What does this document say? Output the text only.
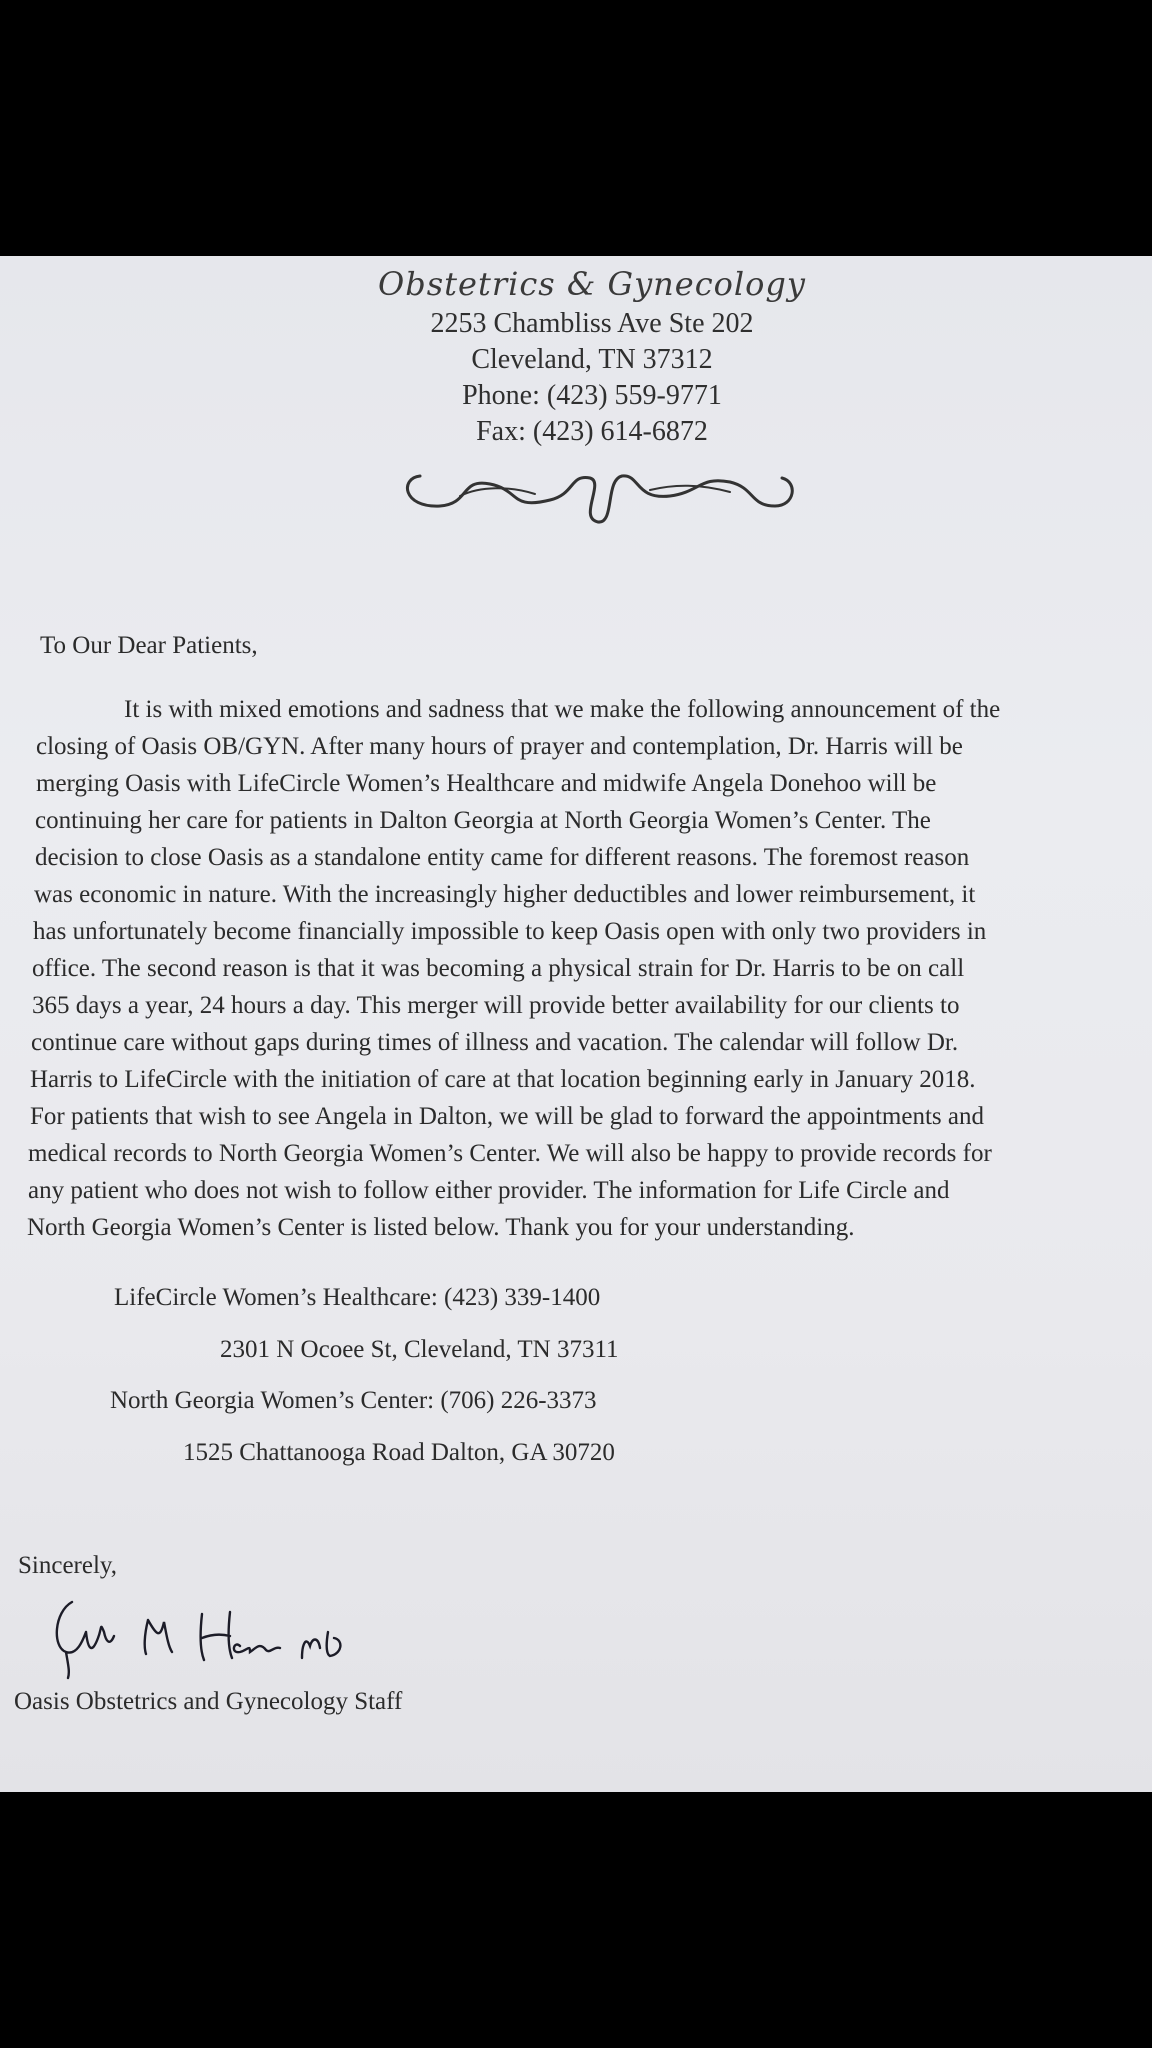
Obstetrics & Gynecology
2253 Chambliss Ave Ste 202
Cleveland, TN 37312
Phone: (423) 559-9771
Fax: (423) 614-6872
To Our Dear Patients,
It is with mixed emotions and sadness that we make the following announcement of the
closing of Oasis OB/GYN. After many hours of prayer and contemplation, Dr. Harris will be
merging Oasis with LifeCircle Women’s Healthcare and midwife Angela Donehoo will be
continuing her care for patients in Dalton Georgia at North Georgia Women’s Center. The
decision to close Oasis as a standalone entity came for different reasons. The foremost reason
was economic in nature. With the increasingly higher deductibles and lower reimbursement, it
has unfortunately become financially impossible to keep Oasis open with only two providers in
office. The second reason is that it was becoming a physical strain for Dr. Harris to be on call
365 days a year, 24 hours a day. This merger will provide better availability for our clients to
continue care without gaps during times of illness and vacation. The calendar will follow Dr.
Harris to LifeCircle with the initiation of care at that location beginning early in January 2018.
For patients that wish to see Angela in Dalton, we will be glad to forward the appointments and
medical records to North Georgia Women’s Center. We will also be happy to provide records for
any patient who does not wish to follow either provider. The information for Life Circle and
North Georgia Women’s Center is listed below. Thank you for your understanding.
LifeCircle Women’s Healthcare: (423) 339-1400
2301 N Ocoee St, Cleveland, TN 37311
North Georgia Women’s Center: (706) 226-3373
1525 Chattanooga Road Dalton, GA 30720
Sincerely,
Oasis Obstetrics and Gynecology Staff
